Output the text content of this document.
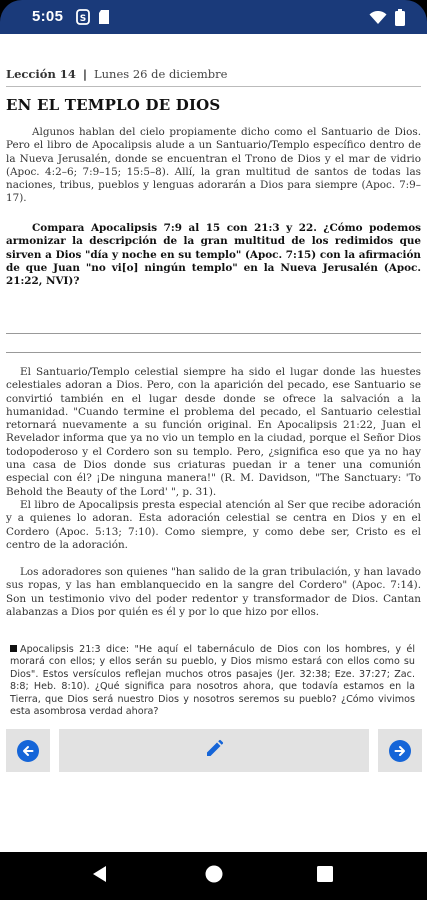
5:05 S
Lección 14 | Lunes 26 de diciembre
EN EL TEMPLO DE DIOS

Algunos hablan del cielo propiamente dicho como el Santuario de Dios. Pero el libro de Apocalipsis alude a un Santuario/Templo específico dentro de la Nueva Jerusalén, donde se encuentran el Trono de Dios y el mar de vidrio (Apoc. 4:2–6; 7:9–15; 15:5–8). Allí, la gran multitud de santos de todas las naciones, tribus, pueblos y lenguas adorarán a Dios para siempre (Apoc. 7:9–17).

Compara Apocalipsis 7:9 al 15 con 21:3 y 22. ¿Cómo podemos armonizar la descripción de la gran multitud de los redimidos que sirven a Dios "día y noche en su templo" (Apoc. 7:15) con la afirmación de que Juan "no vi[o] ningún templo" en la Nueva Jerusalén (Apoc. 21:22, NVI)?

El Santuario/Templo celestial siempre ha sido el lugar donde las huestes celestiales adoran a Dios. Pero, con la aparición del pecado, ese Santuario se convirtió también en el lugar desde donde se ofrece la salvación a la humanidad. "Cuando termine el problema del pecado, el Santuario celestial retornará nuevamente a su función original. En Apocalipsis 21:22, Juan el Revelador informa que ya no vio un templo en la ciudad, porque el Señor Dios todopoderoso y el Cordero son su templo. Pero, ¿significa eso que ya no hay una casa de Dios donde sus criaturas puedan ir a tener una comunión especial con él? ¡De ninguna manera!" (R. M. Davidson, "The Sanctuary: 'To Behold the Beauty of the Lord' ", p. 31).

El libro de Apocalipsis presta especial atención al Ser que recibe adoración y a quienes lo adoran. Esta adoración celestial se centra en Dios y en el Cordero (Apoc. 5:13; 7:10). Como siempre, y como debe ser, Cristo es el centro de la adoración.

Los adoradores son quienes "han salido de la gran tribulación, y han lavado sus ropas, y las han emblanquecido en la sangre del Cordero" (Apoc. 7:14). Son un testimonio vivo del poder redentor y transformador de Dios. Cantan alabanzas a Dios por quién es él y por lo que hizo por ellos.

Apocalipsis 21:3 dice: "He aquí el tabernáculo de Dios con los hombres, y él morará con ellos; y ellos serán su pueblo, y Dios mismo estará con ellos como su Dios". Estos versículos reflejan muchos otros pasajes (Jer. 32:38; Eze. 37:27; Zac. 8:8; Heb. 8:10). ¿Qué significa para nosotros ahora, que todavía estamos en la Tierra, que Dios será nuestro Dios y nosotros seremos su pueblo? ¿Cómo vivimos esta asombrosa verdad ahora?
